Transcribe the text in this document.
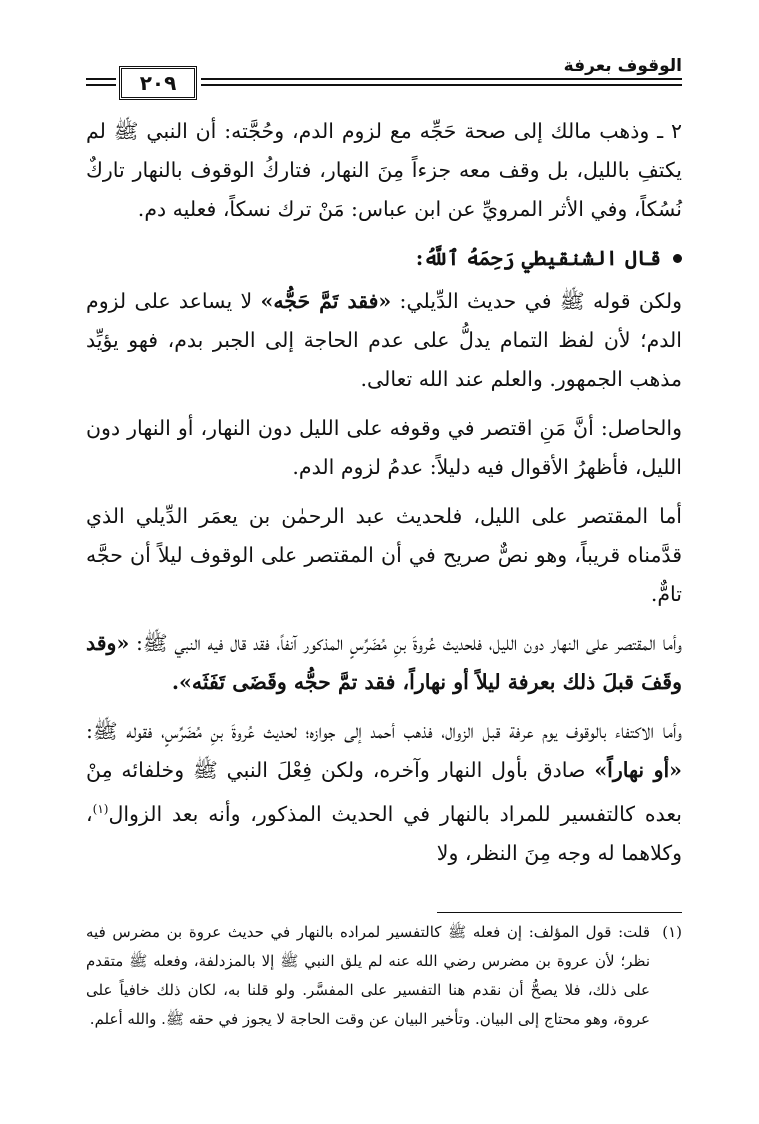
٢٠٩
الوقوف بعرفة

٢ ـ وذهب مالك إلى صحة حَجِّه مع لزوم الدم، وحُجَّته: أن النبي ﷺ لم يكتفِ بالليل، بل وقف معه جزءاً مِنَ النهار، فتاركُ الوقوف بالنهار تاركٌ نُسُكاً، وفي الأثر المرويِّ عن ابن عباس: مَنْ ترك نسكاً، فعليه دم.

قال الشنقيطي رَحِمَهُ ٱللَّهُ:

ولكن قوله ﷺ في حديث الدِّيلي: «فقد تَمَّ حَجُّه» لا يساعد على لزوم الدم؛ لأن لفظ التمام يدلُّ على عدم الحاجة إلى الجبر بدم، فهو يؤيِّد مذهب الجمهور. والعلم عند الله تعالى.

والحاصل: أنَّ مَنِ اقتصر في وقوفه على الليل دون النهار، أو النهار دون الليل، فأظهرُ الأقوال فيه دليلاً: عدمُ لزوم الدم.

أما المقتصر على الليل، فلحديث عبد الرحمٰن بن يعمَر الدِّيلي الذي قدَّمناه قريباً، وهو نصٌّ صريح في أن المقتصر على الوقوف ليلاً أن حجَّه تامٌّ.

وأما المقتصر على النهار دون الليل، فلحديث عُروةَ بنِ مُضَرِّسٍ المذكور آنفاً، فقد قال فيه النبي ﷺ: «وقد وقَفَ قبلَ ذلك بعرفة ليلاً أو نهاراً، فقد تمَّ حجُّه وقَضَى تَفَثَه».

وأما الاكتفاء بالوقوف يوم عرفة قبل الزوال، فذهب أحمد إلى جوازه؛ لحديث عُروةَ بنِ مُضَرِّسٍ، فقوله ﷺ: «أو نهاراً» صادق بأول النهار وآخره، ولكن فِعْلَ النبي ﷺ وخلفائه مِنْ بعده كالتفسير للمراد بالنهار في الحديث المذكور، وأنه بعد الزوال$^{(١)}$، وكلاهما له وجه مِنَ النظر، ولا

(١)
قلت: قول المؤلف: إن فعله ﷺ كالتفسير لمراده بالنهار في حديث عروة بن مضرس فيه نظر؛ لأن عروة بن مضرس رضي الله عنه لم يلق النبي ﷺ إلا بالمزدلفة، وفعله ﷺ متقدم على ذلك، فلا يصحُّ أن نقدم هنا التفسير على المفسَّر. ولو قلنا به، لكان ذلك خافياً على عروة، وهو محتاج إلى البيان. وتأخير البيان عن وقت الحاجة لا يجوز في حقه ﷺ. والله أعلم.
